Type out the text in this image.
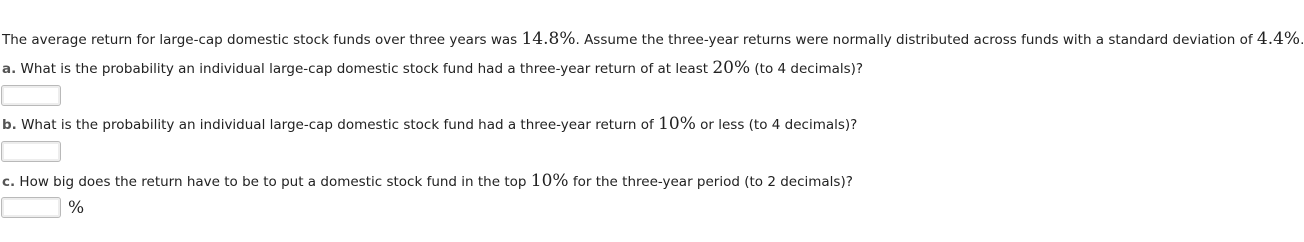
The average return for large-cap domestic stock funds over three years was 14.8%. Assume the three-year returns were normally distributed across funds with a standard deviation of 4.4%.
a. What is the probability an individual large-cap domestic stock fund had a three-year return of at least 20% (to 4 decimals)?
b. What is the probability an individual large-cap domestic stock fund had a three-year return of 10% or less (to 4 decimals)?
c. How big does the return have to be to put a domestic stock fund in the top 10% for the three-year period (to 2 decimals)?
%
